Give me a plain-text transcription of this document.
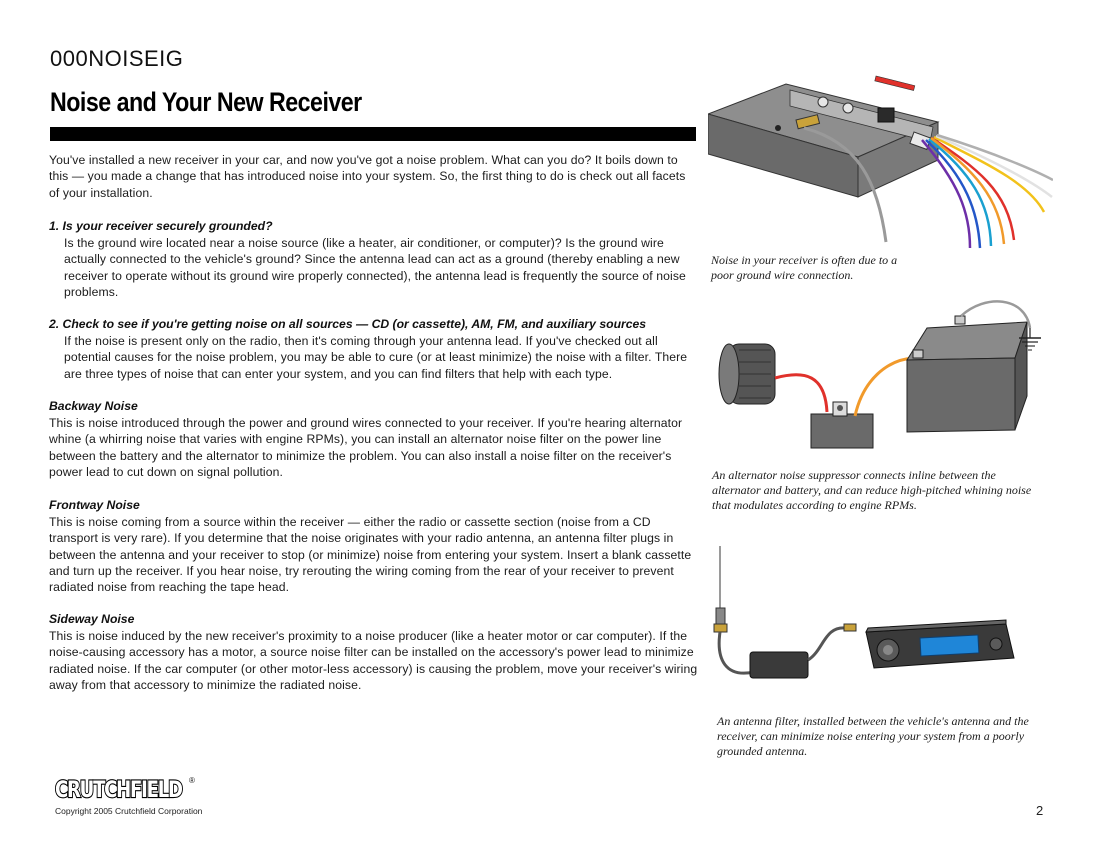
000NOISEIG
Noise and Your New Receiver

You've installed a new receiver in your car, and now you've got a noise problem. What can you do? It boils down to this — you made a change that has introduced noise into your system. So, the first thing to do is check out all facets of your installation.

1. Is your receiver securely grounded?

Is the ground wire located near a noise source (like a heater, air conditioner, or computer)? Is the ground wire actually connected to the vehicle's ground? Since the antenna lead can act as a ground (thereby enabling a new receiver to operate without its ground wire properly connected), the antenna lead is frequently the source of noise problems.

2. Check to see if you're getting noise on all sources — CD (or cassette), AM, FM, and auxiliary sources

If the noise is present only on the radio, then it's coming through your antenna lead. If you've checked out all potential causes for the noise problem, you may be able to cure (or at least minimize) the noise with a filter. There are three types of noise that can enter your system, and you can find filters that help with each type.

Backway Noise

This is noise introduced through the power and ground wires connected to your receiver. If you're hearing alternator whine (a whirring noise that varies with engine RPMs), you can install an alternator noise filter on the power line between the battery and the alternator to minimize the problem. You can also install a noise filter on the receiver's power lead to cut down on signal pollution.

Frontway Noise

This is noise coming from a source within the receiver — either the radio or cassette section (noise from a CD transport is very rare). If you determine that the noise originates with your radio antenna, an antenna filter plugs in between the antenna and your receiver to stop (or minimize) noise from entering your system. Insert a blank cassette and turn up the receiver. If you hear noise, try rerouting the wiring coming from the rear of your receiver to prevent radiated noise from reaching the tape head.

Sideway Noise

This is noise induced by the new receiver's proximity to a noise producer (like a heater motor or car computer). If the noise-causing accessory has a motor, a source noise filter can be installed on the accessory's power lead to minimize radiated noise. If the car computer (or other motor-less accessory) is causing the problem, move your receiver's wiring away from that accessory to minimize the radiated noise.

Noise in your receiver is often due to a poor ground wire connection.
An alternator noise suppressor connects inline between the alternator and battery, and can reduce high-pitched whining noise that modulates according to engine RPMs.
An antenna filter, installed between the vehicle's antenna and the receiver, can minimize noise entering your system from a poorly grounded antenna.
CRUTCHFIELD ®
Copyright 2005 Crutchfield Corporation	2
